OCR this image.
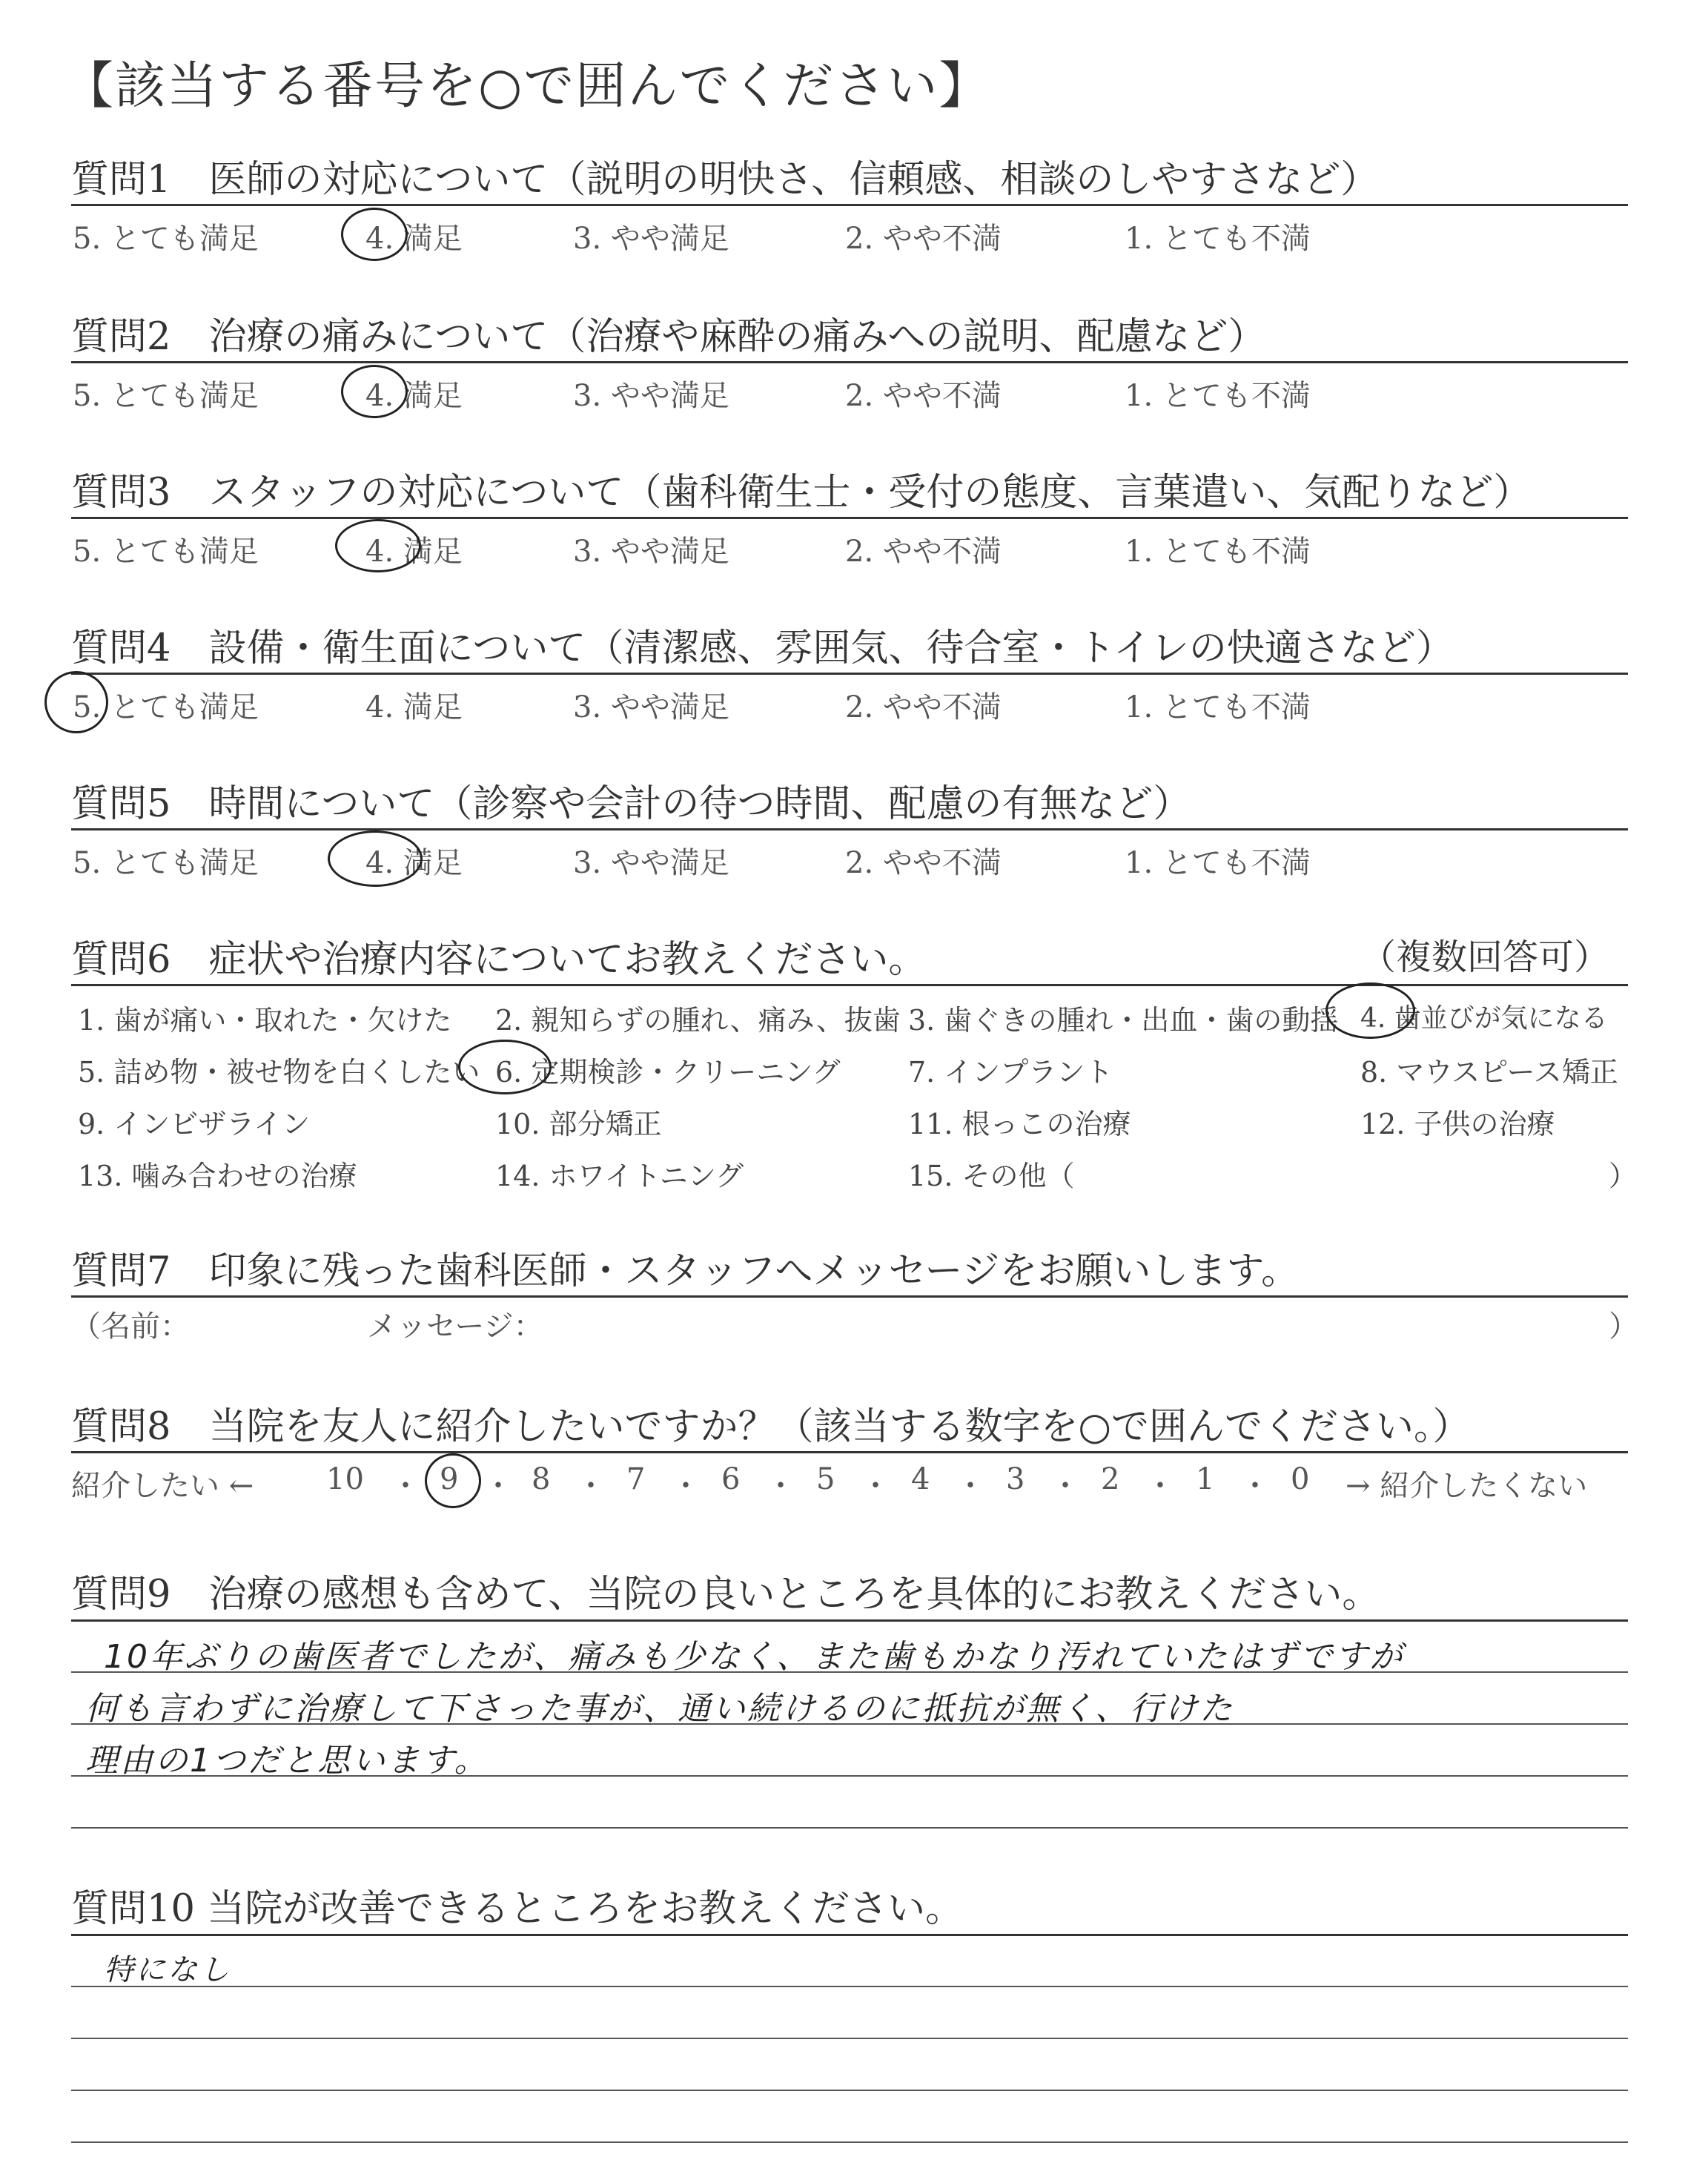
【該当する番号を○で囲んでください】
質問1　医師の対応について（説明の明快さ、信頼感、相談のしやすさなど）
5. とても満足	4. 満足	3. やや満足	2. やや不満	1. とても不満
質問2　治療の痛みについて（治療や麻酔の痛みへの説明、配慮など）
5. とても満足	4. 満足	3. やや満足	2. やや不満	1. とても不満
質問3　スタッフの対応について（歯科衛生士・受付の態度、言葉遣い、気配りなど）
5. とても満足	4. 満足	3. やや満足	2. やや不満	1. とても不満
質問4　設備・衛生面について（清潔感、雰囲気、待合室・トイレの快適さなど）
5. とても満足	4. 満足	3. やや満足	2. やや不満	1. とても不満
質問5　時間について（診察や会計の待つ時間、配慮の有無など）
5. とても満足	4. 満足	3. やや満足	2. やや不満	1. とても不満
質問6　症状や治療内容についてお教えください。	（複数回答可）
1. 歯が痛い・取れた・欠けた 2. 親知らずの腫れ、痛み、抜歯 3. 歯ぐきの腫れ・出血・歯の動揺 4. 歯並びが気になる
5. 詰め物・被せ物を白くしたい 6. 定期検診・クリーニング 7. インプラント	8. マウスピース矯正
9. インビザライン	10. 部分矯正	11. 根っこの治療	12. 子供の治療
13. 噛み合わせの治療	14. ホワイトニング	15. その他（	）
質問7　印象に残った歯科医師・スタッフへメッセージをお願いします。
（名前：	メッセージ：	）
質問8　当院を友人に紹介したいですか？（該当する数字を○で囲んでください。）
紹介したい ←	→ 紹介したくない
10 ・ 9 ・ 8 ・ 7 ・ 6 ・ 5 ・ 4 ・ 3 ・ 2 ・ 1 ・ 0
質問9　治療の感想も含めて、当院の良いところを具体的にお教えください。
10年ぶりの歯医者でしたが、痛みも少なく、また歯もかなり汚れていたはずですが
何も言わずに治療して下さった事が、通い続けるのに抵抗が無く、行けた
理由の1つだと思います。
質問10 当院が改善できるところをお教えください。
特になし
